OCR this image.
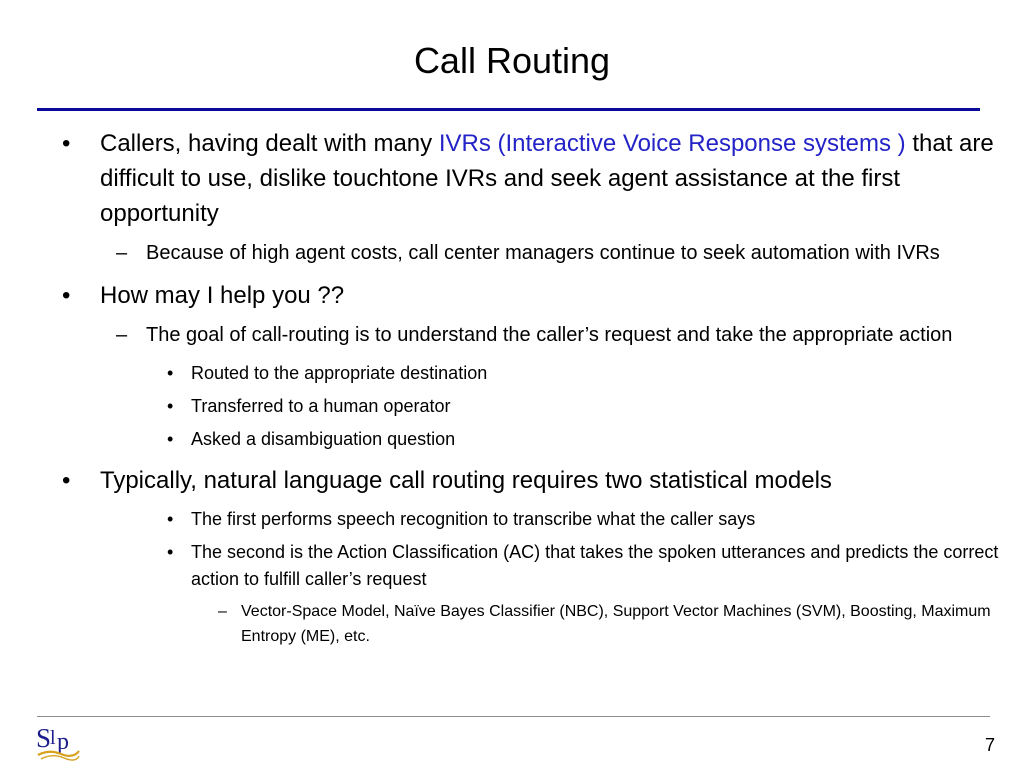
Call Routing
• Callers, having dealt with many IVRs (Interactive Voice Response systems ) that are difficult to use, dislike touchtone IVRs and seek agent assistance at the first opportunity
– Because of high agent costs, call center managers continue to seek automation with IVRs
• How may I help you ??
– The goal of call-routing is to understand the caller’s request and take the appropriate action
• Routed to the appropriate destination
• Transferred to a human operator
• Asked a disambiguation question
• Typically, natural language call routing requires two statistical models
• The first performs speech recognition to transcribe what the caller says
• The second is the Action Classification (AC) that takes the spoken utterances and predicts the correct action to fulfill caller’s request
– Vector-Space Model, Naïve Bayes Classifier (NBC), Support Vector Machines (SVM), Boosting, Maximum Entropy (ME), etc.
S
l p	7
